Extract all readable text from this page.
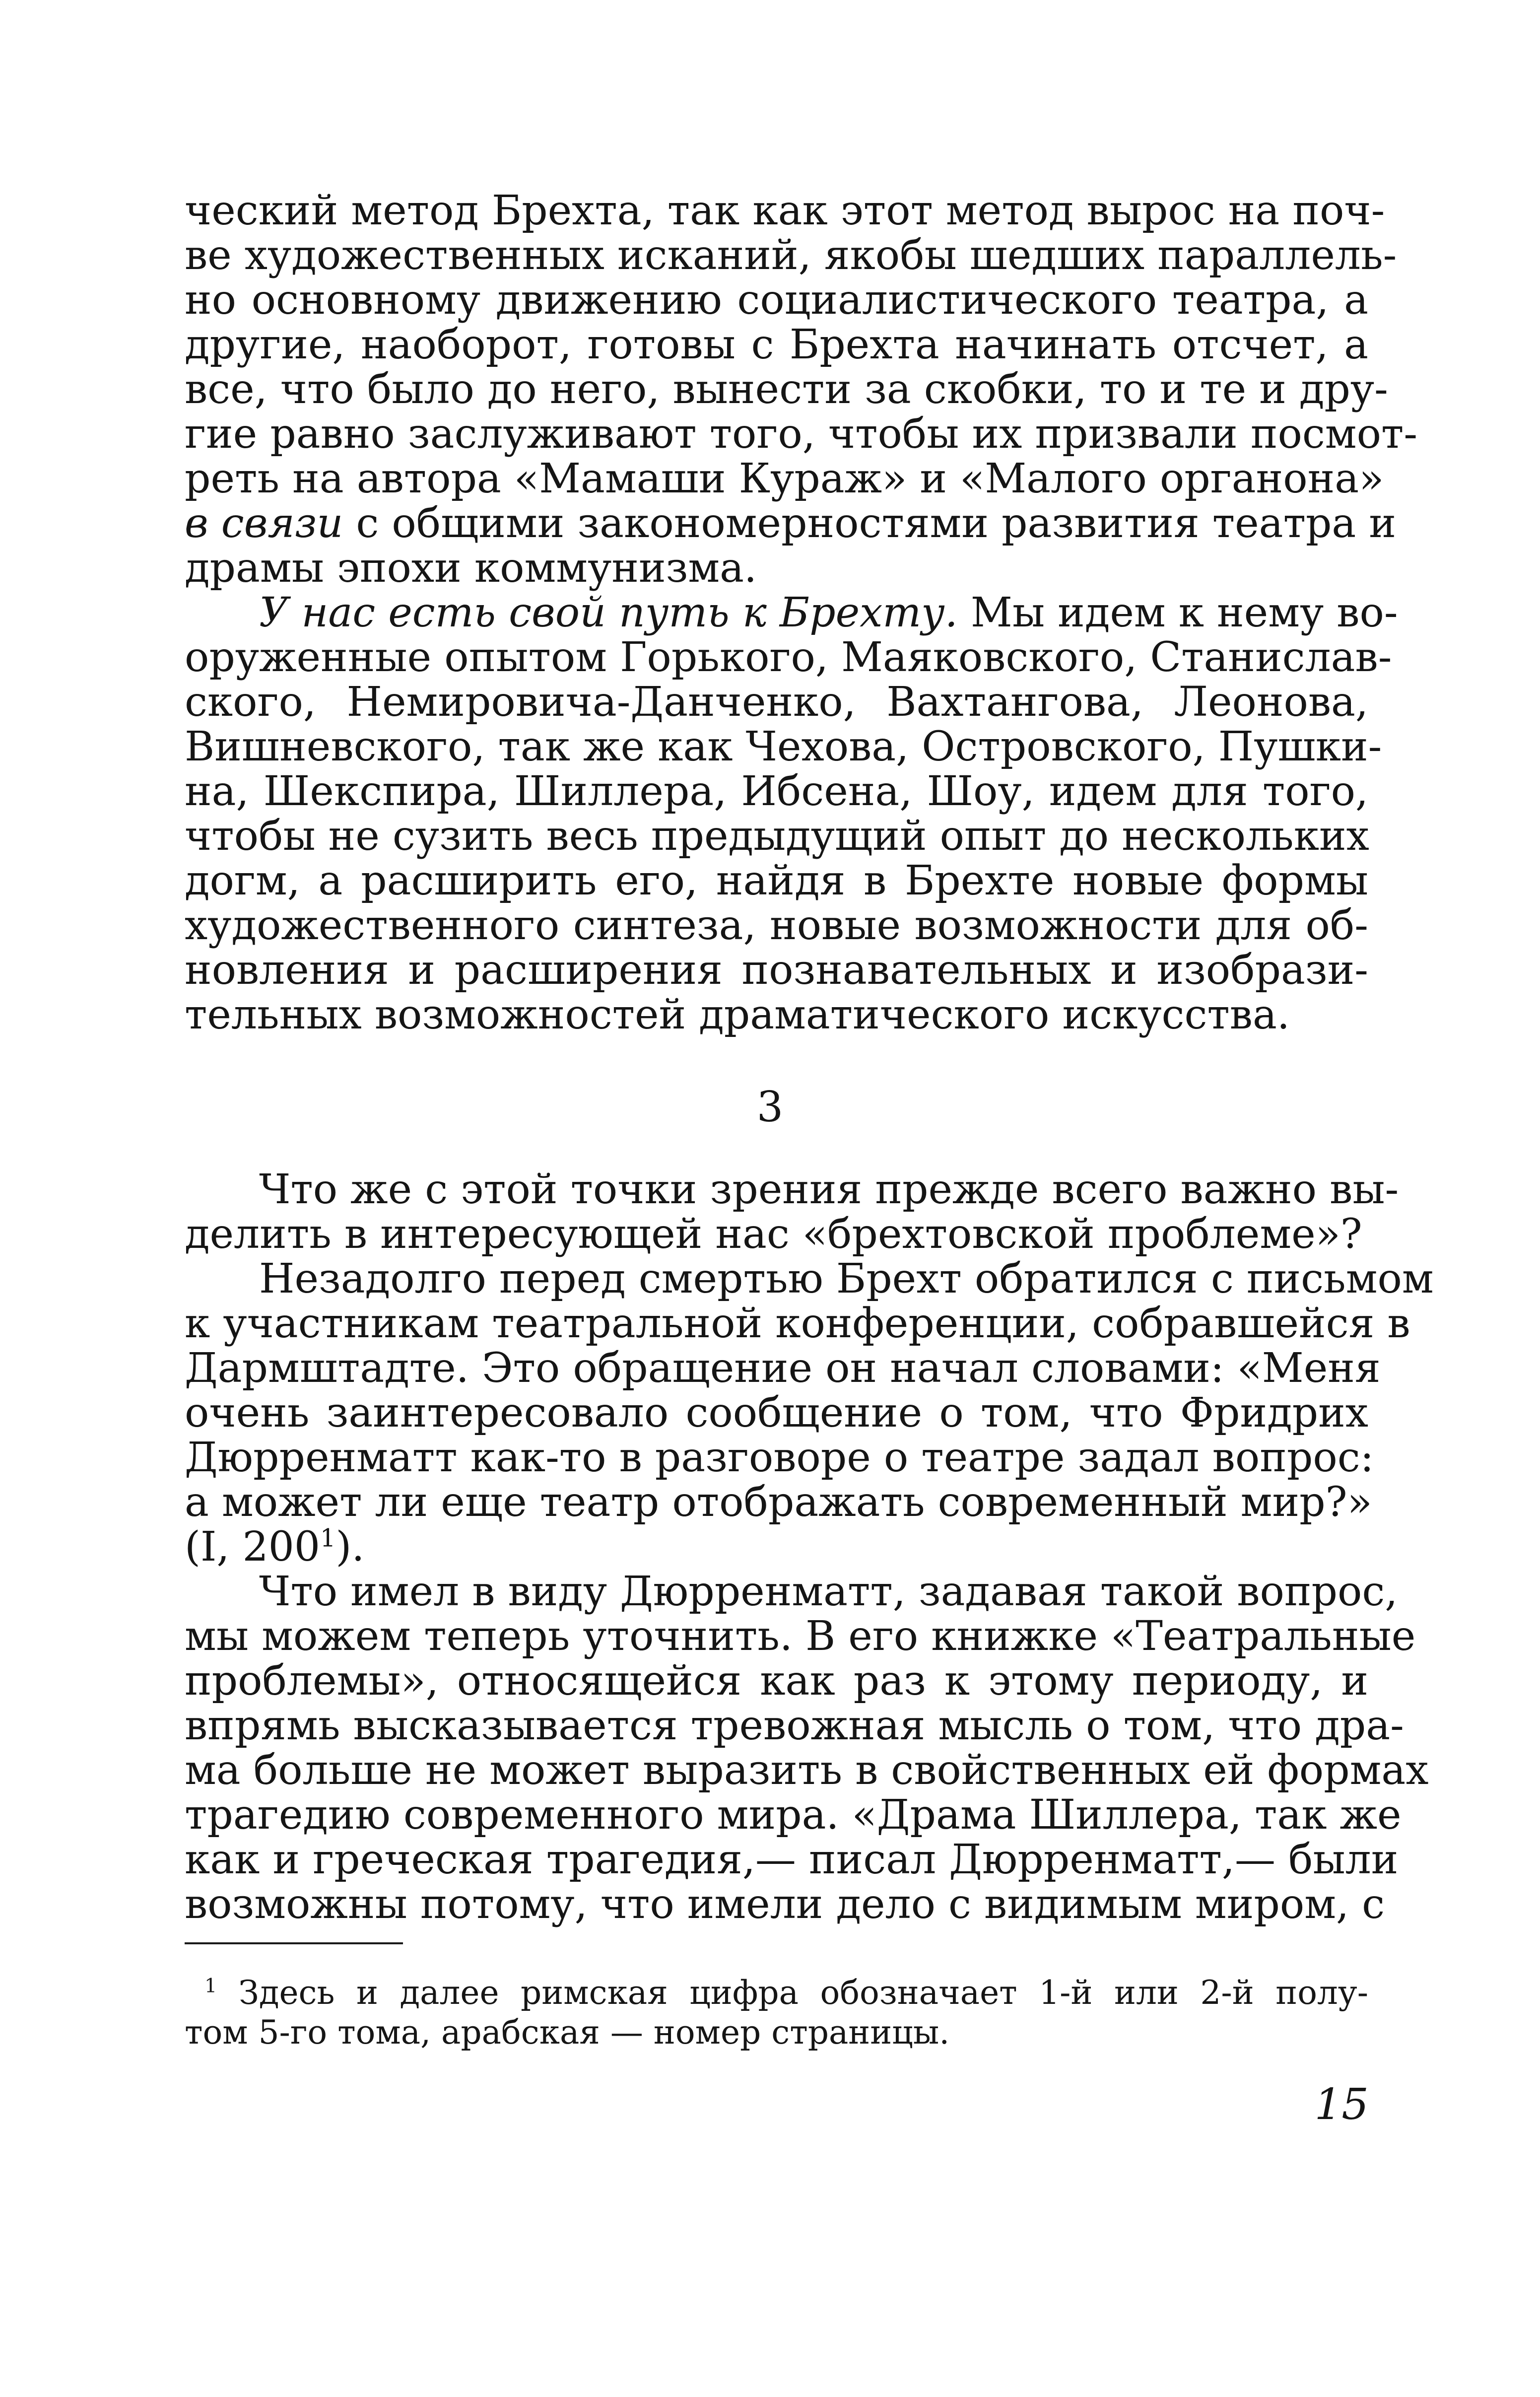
ческий метод Брехта, так как этот метод вырос на поч-
ве художественных исканий, якобы шедших параллель-
но основному движению социалистического театра, а
другие, наоборот, готовы с Брехта начинать отсчет, а
все, что было до него, вынести за скобки, то и те и дру-
гие равно заслуживают того, чтобы их призвали посмот-
реть на автора «Мамаши Кураж» и «Малого органона»
в связи с общими закономерностями развития театра и
драмы эпохи коммунизма.
У нас есть свой путь к Брехту. Мы идем к нему во-
оруженные опытом Горького, Маяковского, Станислав-
ского, Немировича-Данченко, Вахтангова, Леонова,
Вишневского, так же как Чехова, Островского, Пушки-
на, Шекспира, Шиллера, Ибсена, Шоу, идем для того,
чтобы не сузить весь предыдущий опыт до нескольких
догм, а расширить его, найдя в Брехте новые формы
художественного синтеза, новые возможности для об-
новления и расширения познавательных и изобрази-
тельных возможностей драматического искусства.
3
Что же с этой точки зрения прежде всего важно вы-
делить в интересующей нас «брехтовской проблеме»?
Незадолго перед смертью Брехт обратился с письмом
к участникам театральной конференции, собравшейся в
Дармштадте. Это обращение он начал словами: «Меня
очень заинтересовало сообщение о том, что Фридрих
Дюрренматт как-то в разговоре о театре задал вопрос:
а может ли еще театр отображать современный мир?»
(I, $200^1$).
Что имел в виду Дюрренматт, задавая такой вопрос,
мы можем теперь уточнить. В его книжке «Театральные
проблемы», относящейся как раз к этому периоду, и
впрямь высказывается тревожная мысль о том, что дра-
ма больше не может выразить в свойственных ей формах
трагедию современного мира. «Драма Шиллера, так же
как и греческая трагедия,— писал Дюрренматт,— были
возможны потому, что имели дело с видимым миром, с
$^1$ Здесь и далее римская цифра обозначает 1-й или 2-й полу-
том 5-го тома, арабская — номер страницы.
15
